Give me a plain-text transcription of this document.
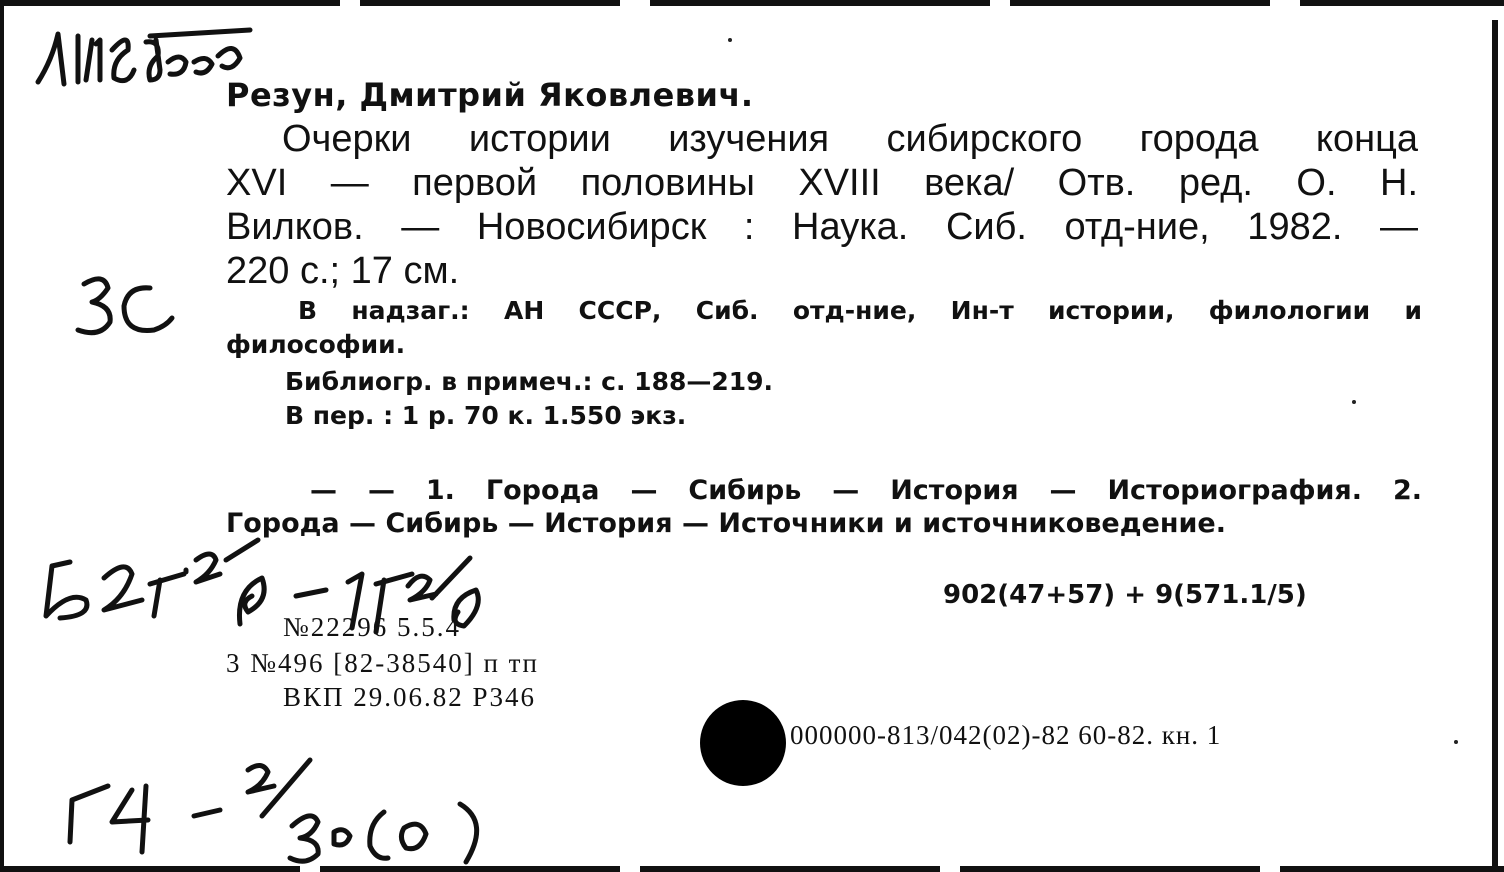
Резун, Дмитрий Яковлевич.

Очерки истории изучения сибирского города конца

XVI — первой половины XVIII века/ Отв. ред. О. Н.

Вилков. — Новосибирск : Наука. Сиб. отд-ние, 1982. —

220 с.; 17 см.

В надзаг.: АН СССР, Сиб. отд-ние, Ин-т истории, филологии и

философии.

Библиогр. в примеч.: с. 188—219.

В пер. : 1 р. 70 к. 1.550 экз.

— — 1. Города — Сибирь — История — Историография. 2.

Города — Сибирь — История — Источники и источниковедение.

902(47+57) + 9(571.1/5)

№22296 5.5.4

3 №496 [82-38540] п тп

ВКП 29.06.82 Р346

000000-813/042(02)-82 60-82. кн. 1
